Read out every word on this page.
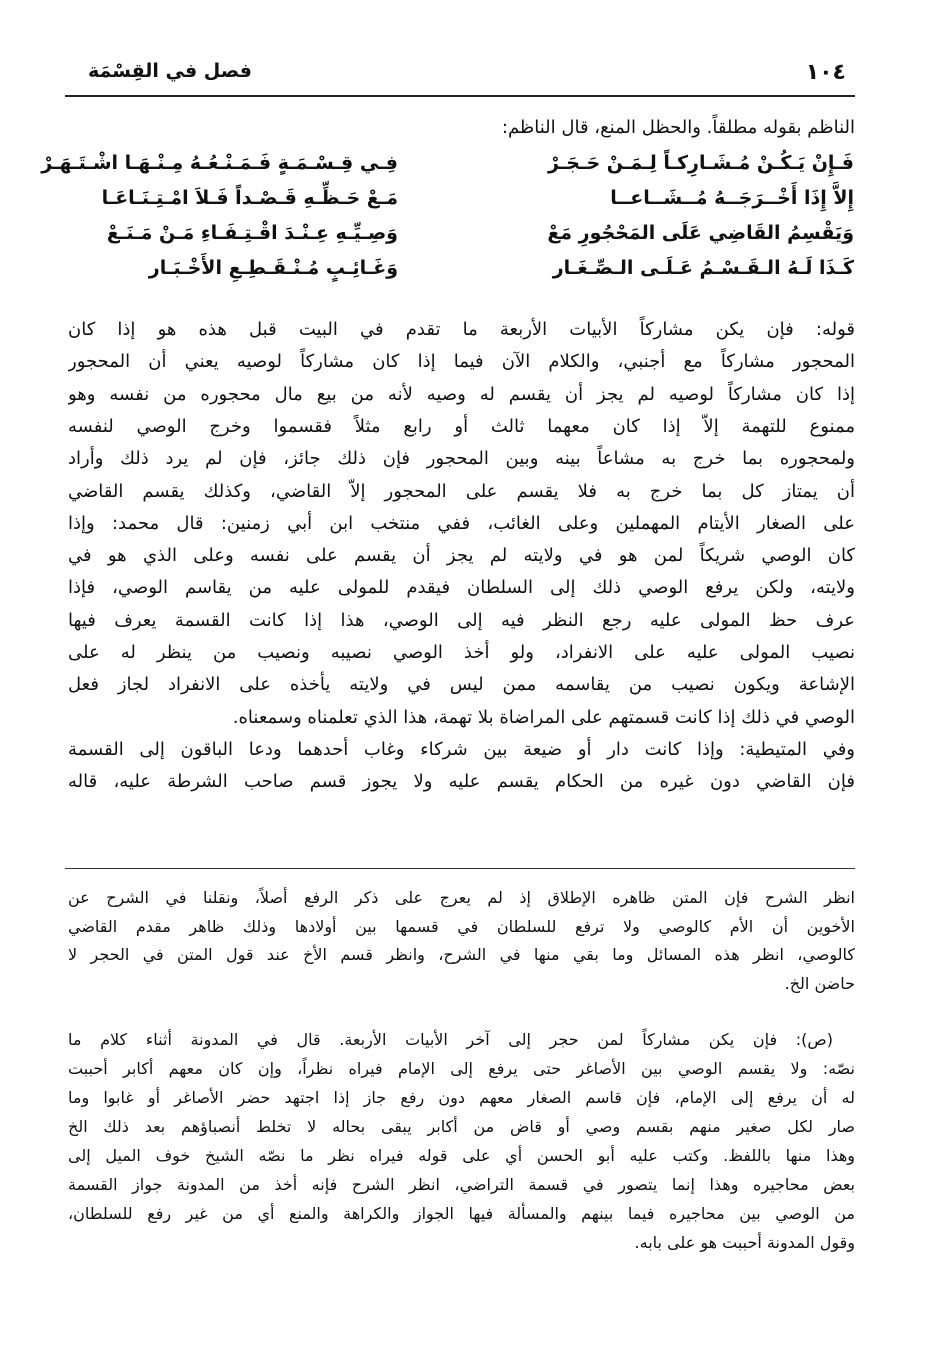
١٠٤
فصل في القِسْمَة
الناظم بقوله مطلقاً. والحظل المنع، قال الناظم:
فَـإِنْ يَـكُـنْ مُـشَـارِكـاً لِـمَـنْ حَـجَـرْ
فِـي قِـسْـمَـةٍ فَـمَـنْـعُـهُ مِـنْـهَـا اشْـتَـهَـرْ
إِلاَّ إِذَا أَخْــرَجَــهُ مُــشَــاعــا
مَـعْ حَـظِّـهِ قَـصْـداً فَـلاَ امْـتِـنَـاعَـا
وَيَقْسِمُ القَاضِي عَلَى المَحْجُورِ مَعْ
وَصِـيِّـهِ عِـنْـدَ اقْـتِـفَـاءِ مَـنْ مَـنَـعْ
كَـذَا لَـهُ الـقَـسْـمُ عَـلَـى الـصِّـغَـار
وَغَـائِـبٍ مُـنْـقَـطِـعِ الأَخْـبَـار
قوله: فإن يكن مشاركاً الأبيات الأربعة ما تقدم في البيت قبل هذه هو إذا كان
المحجور مشاركاً مع أجنبي، والكلام الآن فيما إذا كان مشاركاً لوصيه يعني أن المحجور
إذا كان مشاركاً لوصيه لم يجز أن يقسم له وصيه لأنه من بيع مال محجوره من نفسه وهو
ممنوع للتهمة إلاّ إذا كان معهما ثالث أو رابع مثلاً فقسموا وخرج الوصي لنفسه
ولمحجوره بما خرج به مشاعاً بينه وبين المحجور فإن ذلك جائز، فإن لم يرد ذلك وأراد
أن يمتاز كل بما خرج به فلا يقسم على المحجور إلاّ القاضي، وكذلك يقسم القاضي
على الصغار الأيتام المهملين وعلى الغائب، ففي منتخب ابن أبي زمنين: قال محمد: وإذا
كان الوصي شريكاً لمن هو في ولايته لم يجز أن يقسم على نفسه وعلى الذي هو في
ولايته، ولكن يرفع الوصي ذلك إلى السلطان فيقدم للمولى عليه من يقاسم الوصي، فإذا
عرف حظ المولى عليه رجع النظر فيه إلى الوصي، هذا إذا كانت القسمة يعرف فيها
نصيب المولى عليه على الانفراد، ولو أخذ الوصي نصيبه ونصيب من ينظر له على
الإشاعة ويكون نصيب من يقاسمه ممن ليس في ولايته يأخذه على الانفراد لجاز فعل
الوصي في ذلك إذا كانت قسمتهم على المراضاة بلا تهمة، هذا الذي تعلمناه وسمعناه.
وفي المتيطية: وإذا كانت دار أو ضيعة بين شركاء وغاب أحدهما ودعا الباقون إلى القسمة
فإن القاضي دون غيره من الحكام يقسم عليه ولا يجوز قسم صاحب الشرطة عليه، قاله
انظر الشرح فإن المتن ظاهره الإطلاق إذ لم يعرج على ذكر الرفع أصلاً، ونقلنا في الشرح عن
الأخوين أن الأم كالوصي ولا ترفع للسلطان في قسمها بين أولادها وذلك ظاهر مقدم القاضي
كالوصي، انظر هذه المسائل وما بقي منها في الشرح، وانظر قسم الأخ عند قول المتن في الحجر لا
حاضن الخ.
(ص): فإن يكن مشاركاً لمن حجر إلى آخر الأبيات الأربعة. قال في المدونة أثناء كلام ما
نصّه: ولا يقسم الوصي بين الأصاغر حتى يرفع إلى الإمام فيراه نظراً، وإن كان معهم أكابر أحببت
له أن يرفع إلى الإمام، فإن قاسم الصغار معهم دون رفع جاز إذا اجتهد حضر الأصاغر أو غابوا وما
صار لكل صغير منهم بقسم وصي أو قاض من أكابر يبقى بحاله لا تخلط أنصباؤهم بعد ذلك الخ
وهذا منها باللفظ. وكتب عليه أبو الحسن أي على قوله فيراه نظر ما نصّه الشيخ خوف الميل إلى
بعض محاجيره وهذا إنما يتصور في قسمة التراضي، انظر الشرح فإنه أخذ من المدونة جواز القسمة
من الوصي بين محاجيره فيما بينهم والمسألة فيها الجواز والكراهة والمنع أي من غير رفع للسلطان،
وقول المدونة أحببت هو على بابه.
